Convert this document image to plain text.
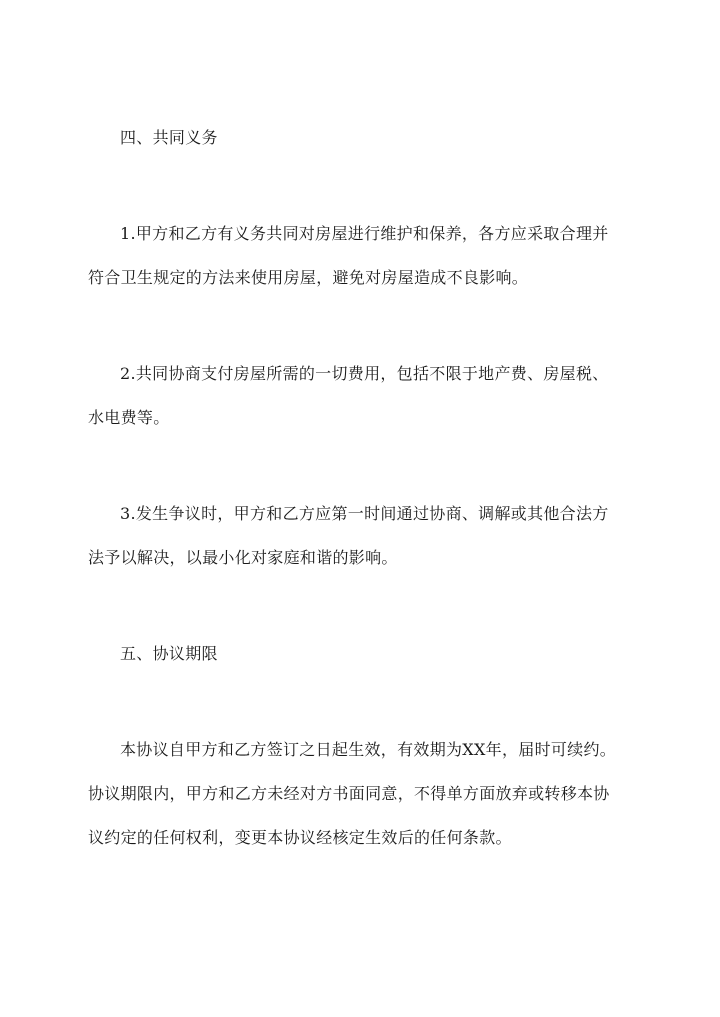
四、共同义务
1.甲方和乙方有义务共同对房屋进行维护和保养，各方应采取合理并
符合卫生规定的方法来使用房屋，避免对房屋造成不良影响。
2.共同协商支付房屋所需的一切费用，包括不限于地产费、房屋税、
水电费等。
3.发生争议时，甲方和乙方应第一时间通过协商、调解或其他合法方
法予以解决，以最小化对家庭和谐的影响。
五、协议期限
本协议自甲方和乙方签订之日起生效，有效期为XX年，届时可续约。
协议期限内，甲方和乙方未经对方书面同意，不得单方面放弃或转移本协
议约定的任何权利，变更本协议经核定生效后的任何条款。
